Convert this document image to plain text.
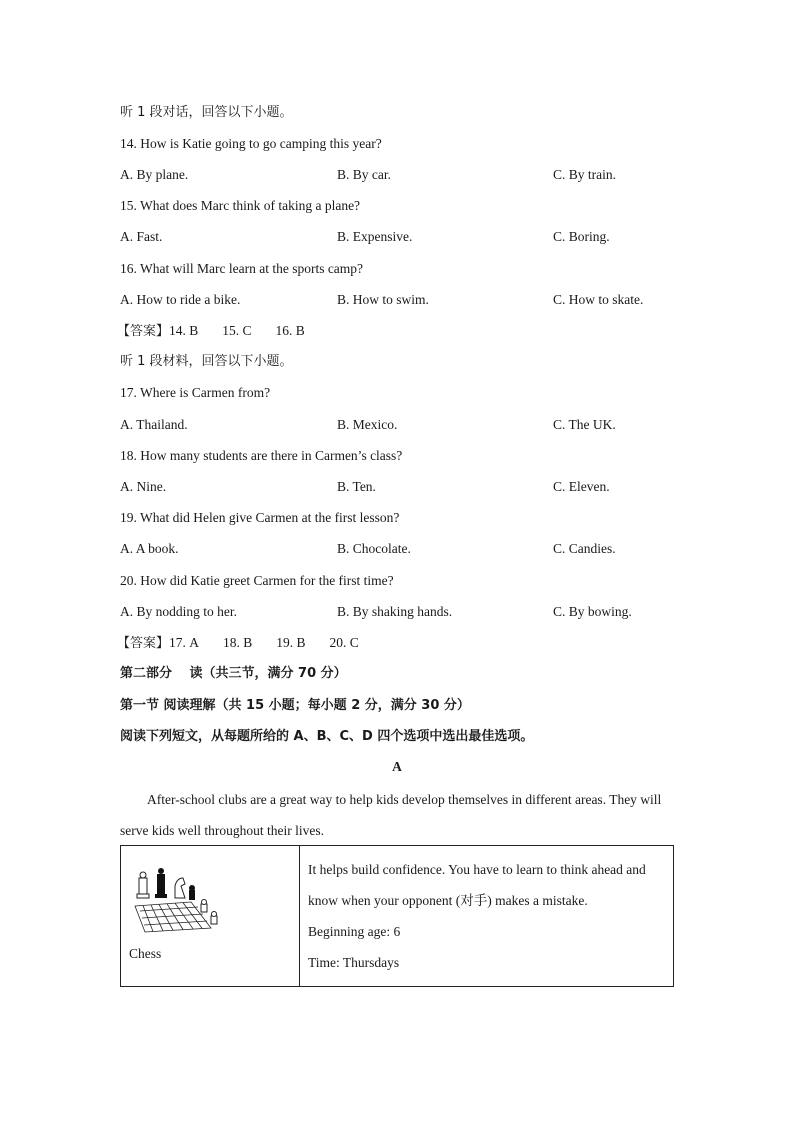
听 1 段对话，回答以下小题。
14. How is Katie going to go camping this year?
A. By plane.	B. By car.	C. By train.
15. What does Marc think of taking a plane?
A. Fast.	B. Expensive.	C. Boring.
16. What will Marc learn at the sports camp?
A. How to ride a bike.	B. How to swim.	C. How to skate.
【答案】14. B 15. C 16. B
听 1 段材料，回答以下小题。
17. Where is Carmen from?
A. Thailand.	B. Mexico.	C. The UK.
18. How many students are there in Carmen’s class?
A. Nine.	B. Ten.	C. Eleven.
19. What did Helen give Carmen at the first lesson?
A. A book.	B. Chocolate.	C. Candies.
20. How did Katie greet Carmen for the first time?
A. By nodding to her.	B. By shaking hands.	C. By bowing.
【答案】17. A 18. B 19. B 20. C
第二部分　 读（共三节，满分 70 分）
第一节 阅读理解（共 15 小题；每小题 2 分，满分 30 分）
阅读下列短文，从每题所给的 A、B、C、D 四个选项中选出最佳选项。
A
After-school clubs are a great way to help kids develop themselves in different areas. They will serve kids well throughout their lives.
Chess

It helps build confidence. You have to learn to think ahead and know when your opponent (对手) makes a mistake.
Beginning age: 6
Time: Thursdays
